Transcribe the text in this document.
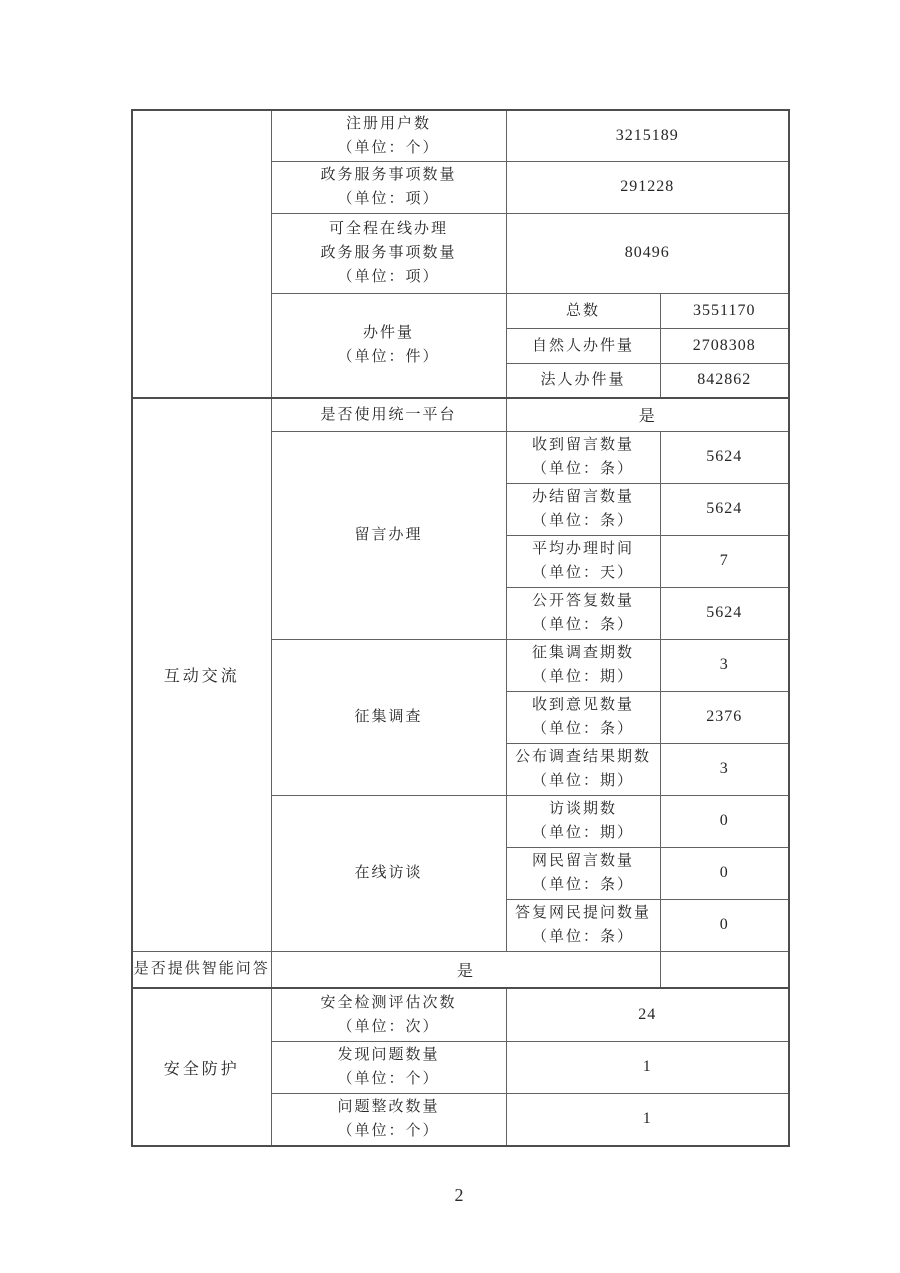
	注册用户数
（单位：个）	3215189	

	政务服务事项数量
（单位：项）	291228	

	可全程在线办理
政务服务事项数量
（单位：项）	80496	

	办件量
（单位：件）	总数	3551170
		自然人办件量	2708308
		法人办件量	842862
互动交流	是否使用统一平台	是	
	留言办理	收到留言数量
（单位：条）	5624

		办结留言数量
（单位：条）	5624

		平均办理时间
（单位：天）	7

		公开答复数量
（单位：条）	5624
	征集调查	征集调查期数
（单位：期）	3

		收到意见数量
（单位：条）	2376

		公布调查结果期数
（单位：期）	3
	在线访谈	访谈期数
（单位：期）	0

		网民留言数量
（单位：条）	0

		答复网民提问数量
（单位：条）	0
是否提供智能问答	是		
安全防护	安全检测评估次数
（单位：次）	24	

	发现问题数量
（单位：个）	1	

	问题整改数量
（单位：个）	1	
2
